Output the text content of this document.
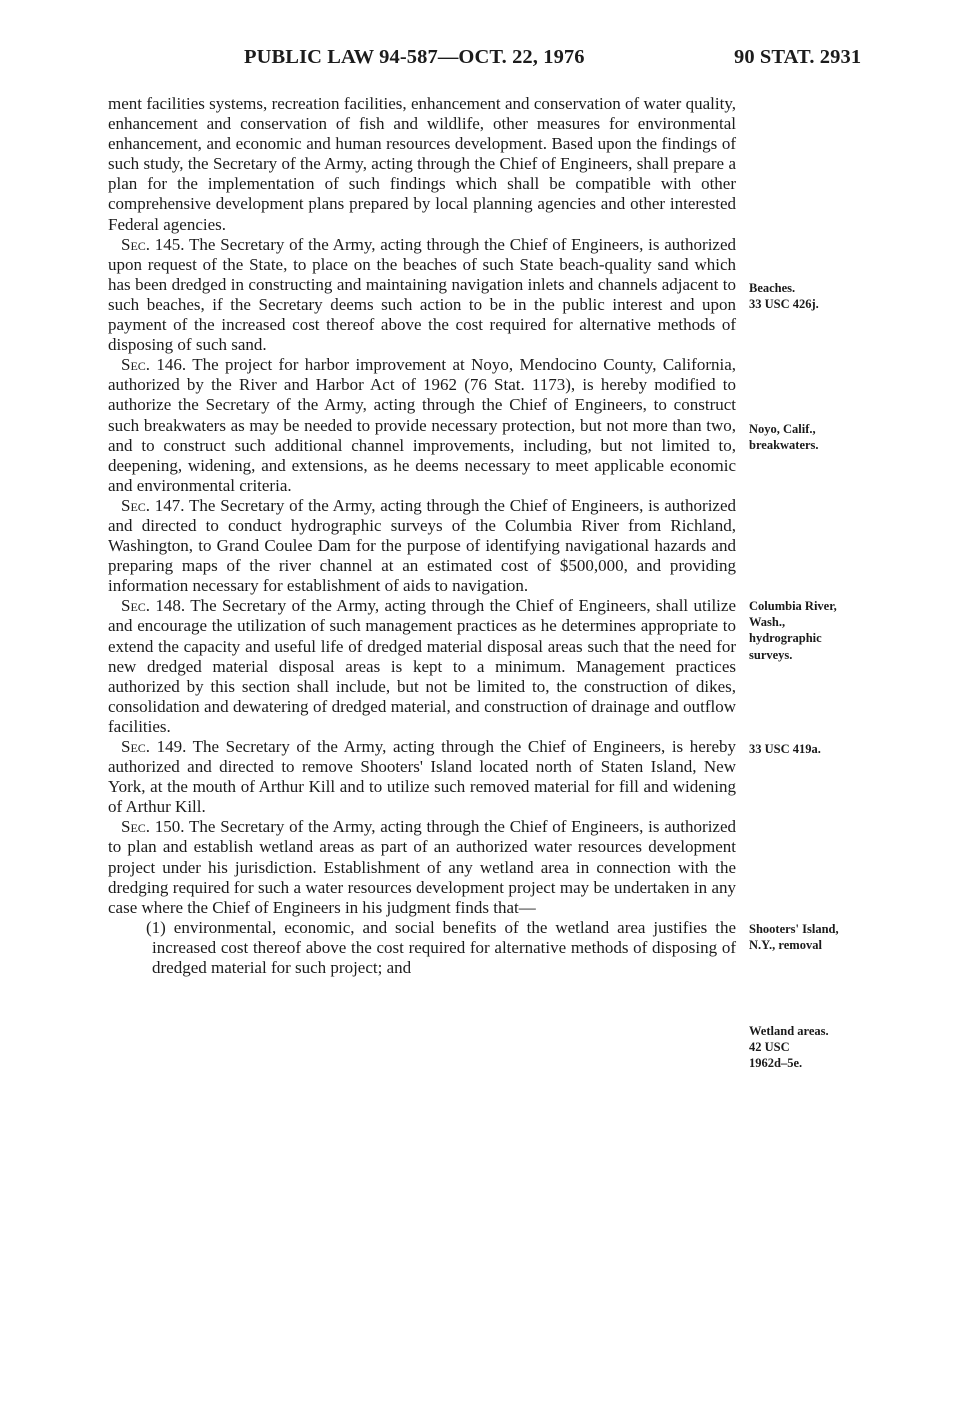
PUBLIC LAW 94-587—OCT. 22, 1976	90 STAT. 2931

ment facilities systems, recreation facilities, enhancement and conservation of water quality, enhancement and conservation of fish and wildlife, other measures for environmental enhancement, and economic and human resources development. Based upon the findings of such study, the Secretary of the Army, acting through the Chief of Engineers, shall prepare a plan for the implementation of such findings which shall be compatible with other comprehensive development plans prepared by local planning agencies and other interested Federal agencies.

Sec. 145. The Secretary of the Army, acting through the Chief of Engineers, is authorized upon request of the State, to place on the beaches of such State beach-quality sand which has been dredged in constructing and maintaining navigation inlets and channels adjacent to such beaches, if the Secretary deems such action to be in the public interest and upon payment of the increased cost thereof above the cost required for alternative methods of disposing of such sand.

Sec. 146. The project for harbor improvement at Noyo, Mendocino County, California, authorized by the River and Harbor Act of 1962 (76 Stat. 1173), is hereby modified to authorize the Secretary of the Army, acting through the Chief of Engineers, to construct such breakwaters as may be needed to provide necessary protection, but not more than two, and to construct such additional channel improvements, including, but not limited to, deepening, widening, and extensions, as he deems necessary to meet applicable economic and environmental criteria.

Sec. 147. The Secretary of the Army, acting through the Chief of Engineers, is authorized and directed to conduct hydrographic surveys of the Columbia River from Richland, Washington, to Grand Coulee Dam for the purpose of identifying navigational hazards and preparing maps of the river channel at an estimated cost of $500,000, and providing information necessary for establishment of aids to navigation.

Sec. 148. The Secretary of the Army, acting through the Chief of Engineers, shall utilize and encourage the utilization of such management practices as he determines appropriate to extend the capacity and useful life of dredged material disposal areas such that the need for new dredged material disposal areas is kept to a minimum. Management practices authorized by this section shall include, but not be limited to, the construction of dikes, consolidation and dewatering of dredged material, and construction of drainage and outflow facilities.

Sec. 149. The Secretary of the Army, acting through the Chief of Engineers, is hereby authorized and directed to remove Shooters' Island located north of Staten Island, New York, at the mouth of Arthur Kill and to utilize such removed material for fill and widening of Arthur Kill.

Sec. 150. The Secretary of the Army, acting through the Chief of Engineers, is authorized to plan and establish wetland areas as part of an authorized water resources development project under his jurisdiction. Establishment of any wetland area in connection with the dredging required for such a water resources development project may be undertaken in any case where the Chief of Engineers in his judgment finds that—

(1) environmental, economic, and social benefits of the wetland area justifies the increased cost thereof above the cost required for alternative methods of disposing of dredged material for such project; and

Beaches.
33 USC 426j.
Noyo, Calif.,
breakwaters.
Columbia River,
Wash.,
hydrographic
surveys.
33 USC 419a.
Shooters' Island,
N.Y., removal
Wetland areas.
42 USC
1962d–5e.
